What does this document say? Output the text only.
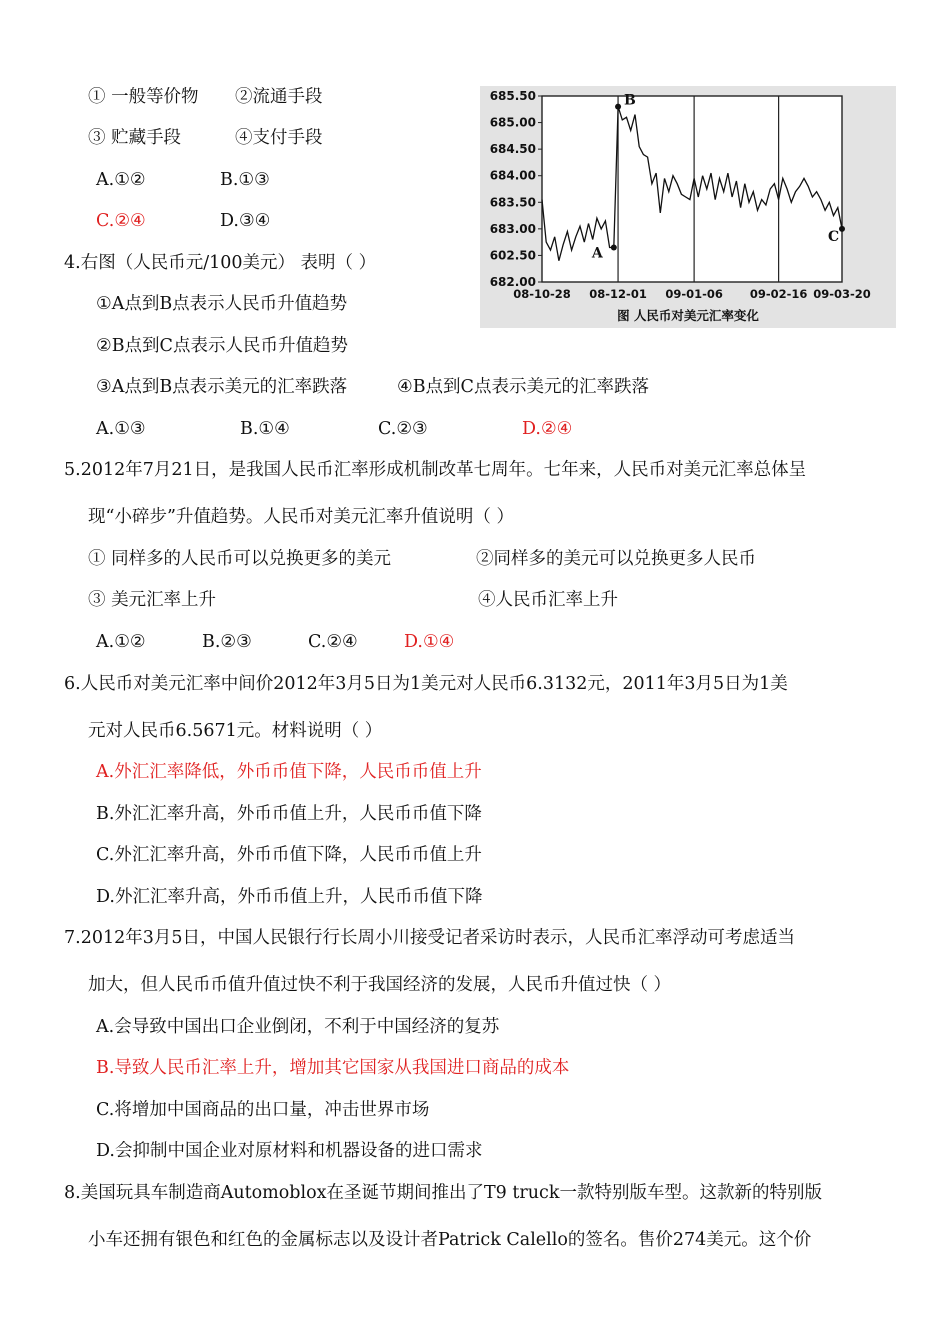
① 一般等价物 ②流通手段
③ 贮藏手段	④支付手段
A.①②	B.①③
C.②④	D.③④
4.右图（人民币元/100美元） 表明（ ）
①A点到B点表示人民币升值趋势
②B点到C点表示人民币升值趋势
③A点到B点表示美元的汇率跌落	④B点到C点表示美元的汇率跌落
A.①③	B.①④	C.②③	D.②④
685.50
685.00
684.50
684.00
683.50
683.00
602.50
682.00
08-10-28 08-12-01 09-01-06 09-02-16 09-03-20
A
B
C
图 人民币对美元汇率变化
5.2012年7月21日，是我国人民币汇率形成机制改革七周年。七年来，人民币对美元汇率总体呈
现“小碎步”升值趋势。人民币对美元汇率升值说明（ ）
① 同样多的人民币可以兑换更多的美元	②同样多的美元可以兑换更多人民币
③ 美元汇率上升	④人民币汇率上升
A.①②	B.②③	C.②④	D.①④
6.人民币对美元汇率中间价2012年3月5日为1美元对人民币6.3132元，2011年3月5日为1美
元对人民币6.5671元。材料说明（ ）
A.外汇汇率降低，外币币值下降，人民币币值上升
B.外汇汇率升高，外币币值上升，人民币币值下降
C.外汇汇率升高，外币币值下降，人民币币值上升
D.外汇汇率升高，外币币值上升，人民币币值下降
7.2012年3月5日，中国人民银行行长周小川接受记者采访时表示，人民币汇率浮动可考虑适当
加大，但人民币币值升值过快不利于我国经济的发展，人民币升值过快（ ）
A.会导致中国出口企业倒闭，不利于中国经济的复苏
B.导致人民币汇率上升，增加其它国家从我国进口商品的成本
C.将增加中国商品的出口量，冲击世界市场
D.会抑制中国企业对原材料和机器设备的进口需求
8.美国玩具车制造商Automoblox在圣诞节期间推出了T9 truck一款特别版车型。这款新的特别版
小车还拥有银色和红色的金属标志以及设计者Patrick Calello的签名。售价274美元。这个价
